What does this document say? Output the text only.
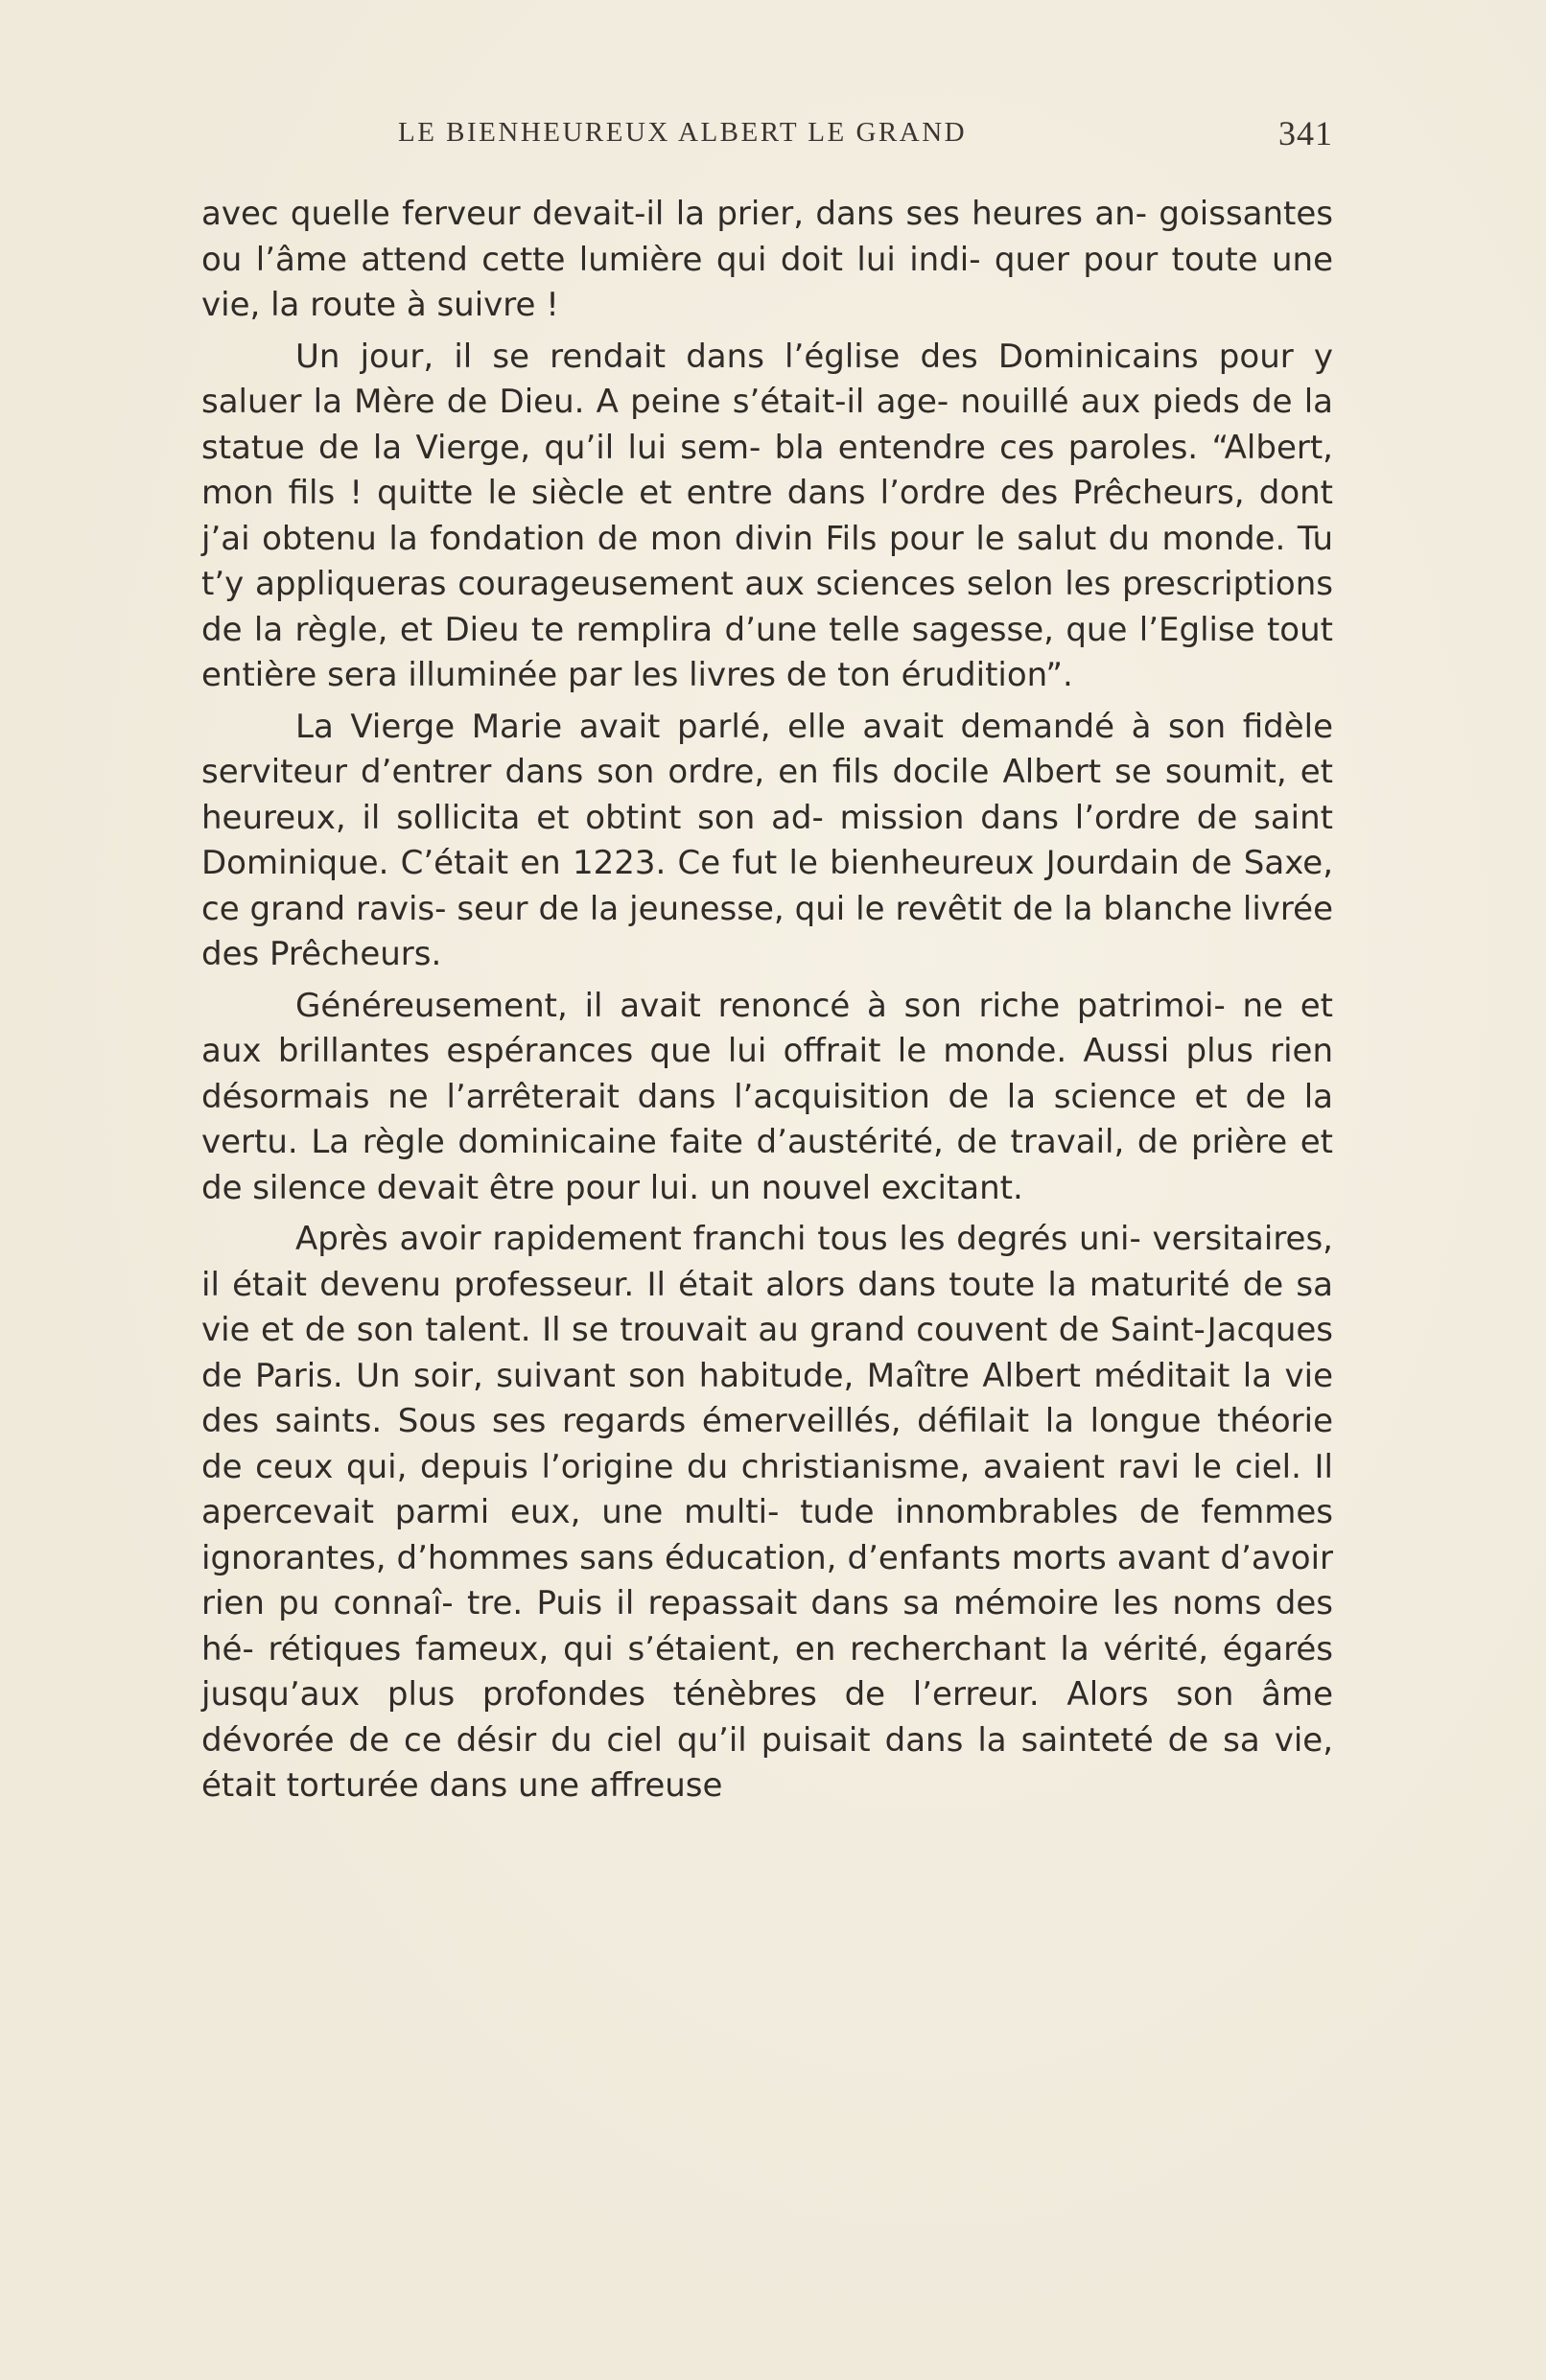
LE BIENHEUREUX ALBERT LE GRAND	341

avec quelle ferveur devait-il la prier, dans ses heures an- goissantes ou l’âme attend cette lumière qui doit lui indi- quer pour toute une vie, la route à suivre !

Un jour, il se rendait dans l’église des Dominicains pour y saluer la Mère de Dieu. A peine s’était-il age- nouillé aux pieds de la statue de la Vierge, qu’il lui sem- bla entendre ces paroles. “Albert, mon fils ! quitte le siècle et entre dans l’ordre des Prêcheurs, dont j’ai obtenu la fondation de mon divin Fils pour le salut du monde. Tu t’y appliqueras courageusement aux sciences selon les prescriptions de la règle, et Dieu te remplira d’une telle sagesse, que l’Eglise tout entière sera illuminée par les livres de ton érudition”.

La Vierge Marie avait parlé, elle avait demandé à son fidèle serviteur d’entrer dans son ordre, en fils docile Albert se soumit, et heureux, il sollicita et obtint son ad- mission dans l’ordre de saint Dominique. C’était en 1223. Ce fut le bienheureux Jourdain de Saxe, ce grand ravis- seur de la jeunesse, qui le revêtit de la blanche livrée des Prêcheurs.

Généreusement, il avait renoncé à son riche patrimoi- ne et aux brillantes espérances que lui offrait le monde. Aussi plus rien désormais ne l’arrêterait dans l’acquisition de la science et de la vertu. La règle dominicaine faite d’austérité, de travail, de prière et de silence devait être pour lui. un nouvel excitant.

Après avoir rapidement franchi tous les degrés uni- versitaires, il était devenu professeur. Il était alors dans toute la maturité de sa vie et de son talent. Il se trouvait au grand couvent de Saint-Jacques de Paris. Un soir, suivant son habitude, Maître Albert méditait la vie des saints. Sous ses regards émerveillés, défilait la longue théorie de ceux qui, depuis l’origine du christianisme, avaient ravi le ciel. Il apercevait parmi eux, une multi- tude innombrables de femmes ignorantes, d’hommes sans éducation, d’enfants morts avant d’avoir rien pu connaî- tre. Puis il repassait dans sa mémoire les noms des hé- rétiques fameux, qui s’étaient, en recherchant la vérité, égarés jusqu’aux plus profondes ténèbres de l’erreur. Alors son âme dévorée de ce désir du ciel qu’il puisait dans la sainteté de sa vie, était torturée dans une affreuse
